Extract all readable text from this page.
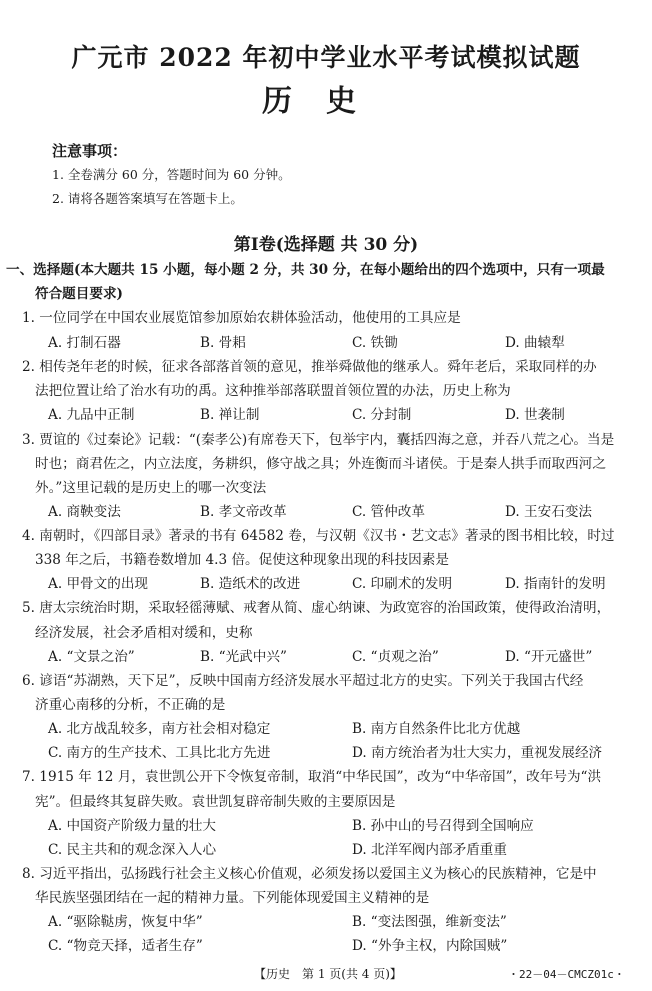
广元市 2022 年初中学业水平考试模拟试题
历史
注意事项：
1. 全卷满分 60 分，答题时间为 60 分钟。
2. 请将各题答案填写在答题卡上。
第Ⅰ卷(选择题 共 30 分)
一、选择题(本大题共 15 小题，每小题 2 分，共 30 分，在每小题给出的四个选项中，只有一项最
符合题目要求)
1. 一位同学在中国农业展览馆参加原始农耕体验活动，他使用的工具应是
A. 打制石器	B. 骨耜	C. 铁锄	D. 曲辕犁
2. 相传尧年老的时候，征求各部落首领的意见，推举舜做他的继承人。舜年老后，采取同样的办
法把位置让给了治水有功的禹。这种推举部落联盟首领位置的办法，历史上称为
A. 九品中正制	B. 禅让制	C. 分封制	D. 世袭制
3. 贾谊的《过秦论》记载：“(秦孝公)有席卷天下，包举宇内，囊括四海之意，并吞八荒之心。当是
时也；商君佐之，内立法度，务耕织，修守战之具；外连衡而斗诸侯。于是秦人拱手而取西河之
外。”这里记载的是历史上的哪一次变法
A. 商鞅变法	B. 孝文帝改革	C. 管仲改革	D. 王安石变法
4. 南朝时，《四部目录》著录的书有 64582 卷，与汉朝《汉书・艺文志》著录的图书相比较，时过
338 年之后，书籍卷数增加 4.3 倍。促使这种现象出现的科技因素是
A. 甲骨文的出现	B. 造纸术的改进	C. 印刷术的发明	D. 指南针的发明
5. 唐太宗统治时期，采取轻徭薄赋、戒奢从简、虚心纳谏、为政宽容的治国政策，使得政治清明，
经济发展，社会矛盾相对缓和，史称
A. “文景之治”	B. “光武中兴”	C. “贞观之治”	D. “开元盛世”
6. 谚语“苏湖熟，天下足”，反映中国南方经济发展水平超过北方的史实。下列关于我国古代经
济重心南移的分析，不正确的是
A. 北方战乱较多，南方社会相对稳定	B. 南方自然条件比北方优越
C. 南方的生产技术、工具比北方先进	D. 南方统治者为壮大实力，重视发展经济
7. 1915 年 12 月，袁世凯公开下令恢复帝制，取消“中华民国”，改为“中华帝国”，改年号为“洪
宪”。但最终其复辟失败。袁世凯复辟帝制失败的主要原因是
A. 中国资产阶级力量的壮大	B. 孙中山的号召得到全国响应
C. 民主共和的观念深入人心	D. 北洋军阀内部矛盾重重
8. 习近平指出，弘扬践行社会主义核心价值观，必须发扬以爱国主义为核心的民族精神，它是中
华民族坚强团结在一起的精神力量。下列能体现爱国主义精神的是
A. “驱除鞑虏，恢复中华”	B. “变法图强，维新变法”
C. “物竞天择，适者生存”	D. “外争主权，内除国贼”
【历史　第 1 页(共 4 页)】	・22－04－CMCZ01c・
